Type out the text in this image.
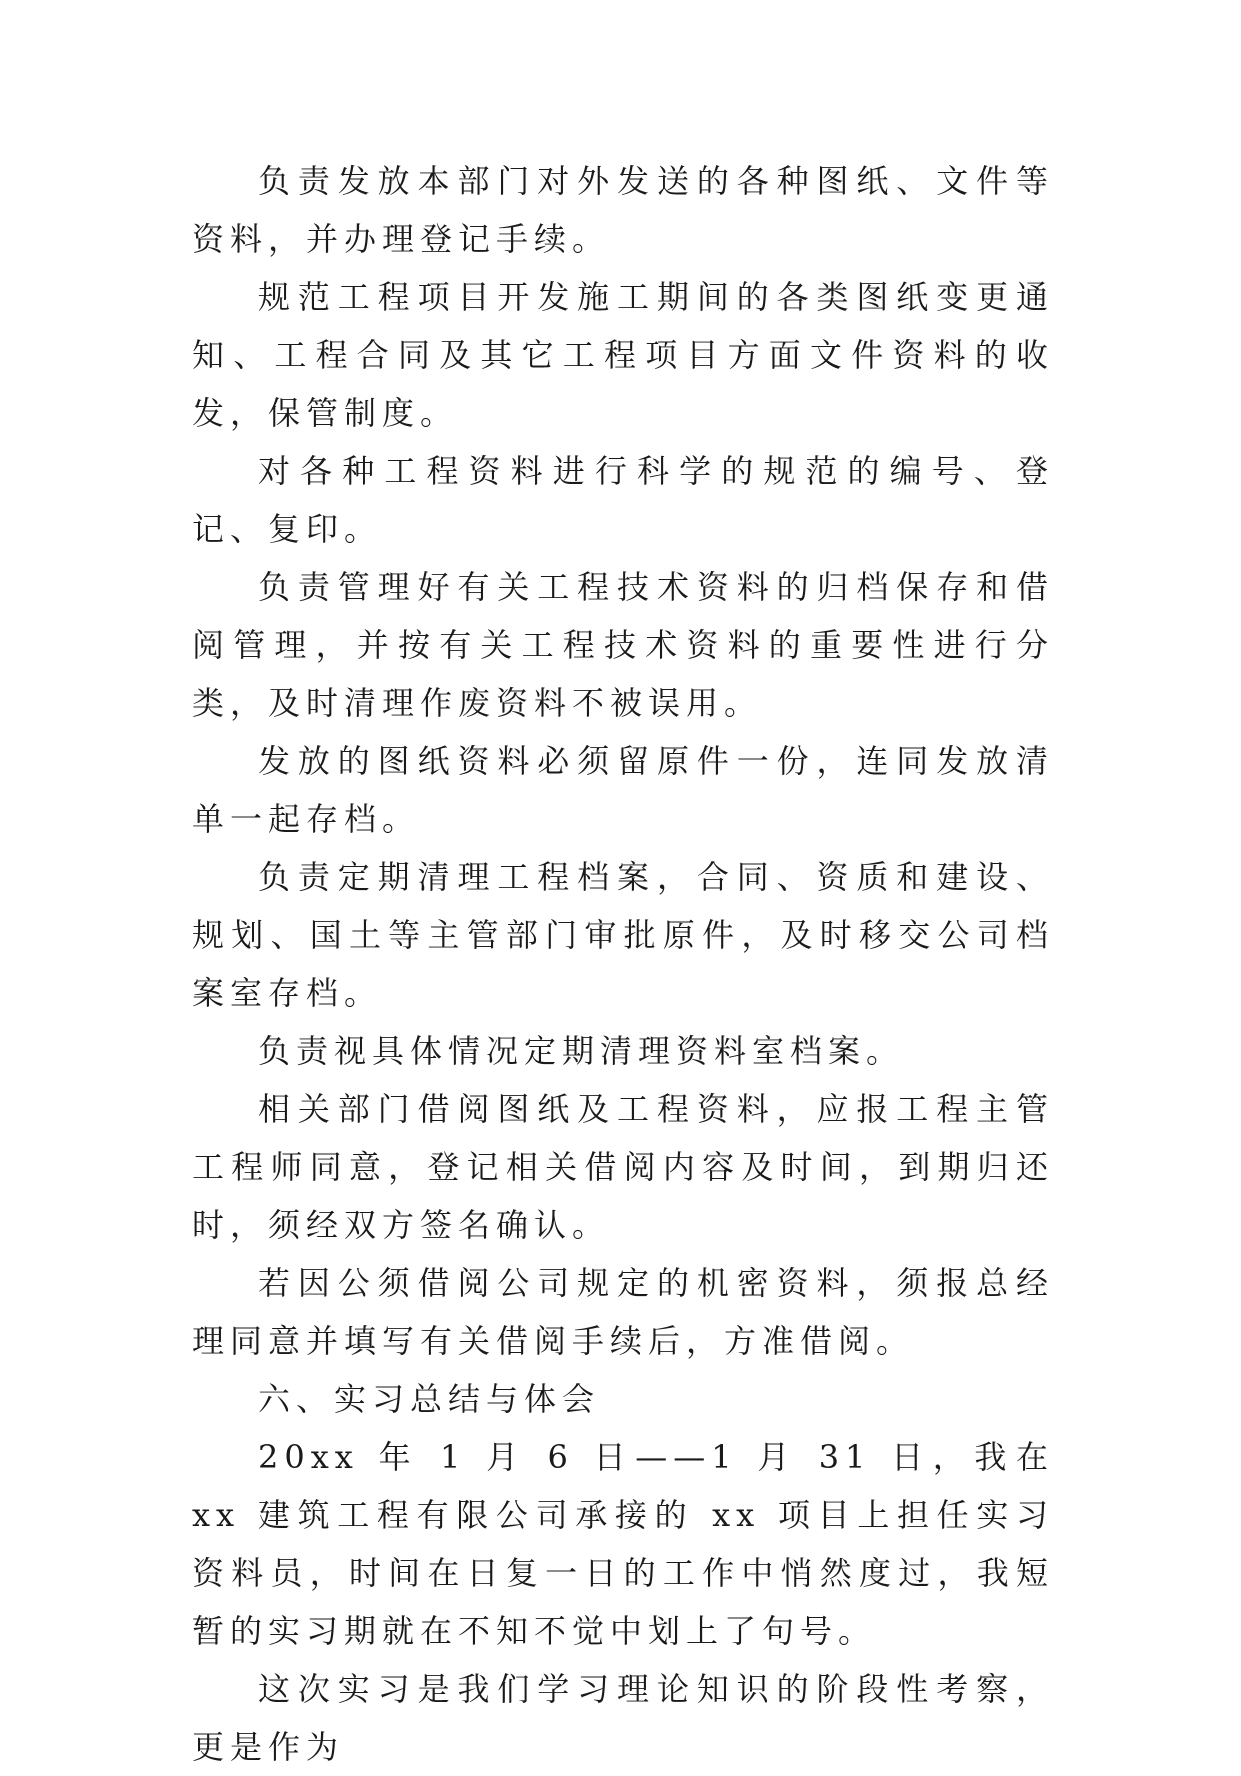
负责发放本部门对外发送的各种图纸、文件等资料，并办理登记手续。

规范工程项目开发施工期间的各类图纸变更通知、工程合同及其它工程项目方面文件资料的收发，保管制度。

对各种工程资料进行科学的规范的编号、登记、复印。

负责管理好有关工程技术资料的归档保存和借阅管理，并按有关工程技术资料的重要性进行分类，及时清理作废资料不被误用。

发放的图纸资料必须留原件一份，连同发放清单一起存档。

负责定期清理工程档案，合同、资质和建设、规划、国土等主管部门审批原件，及时移交公司档案室存档。

负责视具体情况定期清理资料室档案。

相关部门借阅图纸及工程资料，应报工程主管工程师同意，登记相关借阅内容及时间，到期归还时，须经双方签名确认。

若因公须借阅公司规定的机密资料，须报总经理同意并填写有关借阅手续后，方准借阅。

六、实习总结与体会

20xx 年 1 月 6 日——1 月 31 日，我在 xx 建筑工程有限公司承接的 xx 项目上担任实习资料员，时间在日复一日的工作中悄然度过，我短暂的实习期就在不知不觉中划上了句号。

这次实习是我们学习理论知识的阶段性考察，更是作为
